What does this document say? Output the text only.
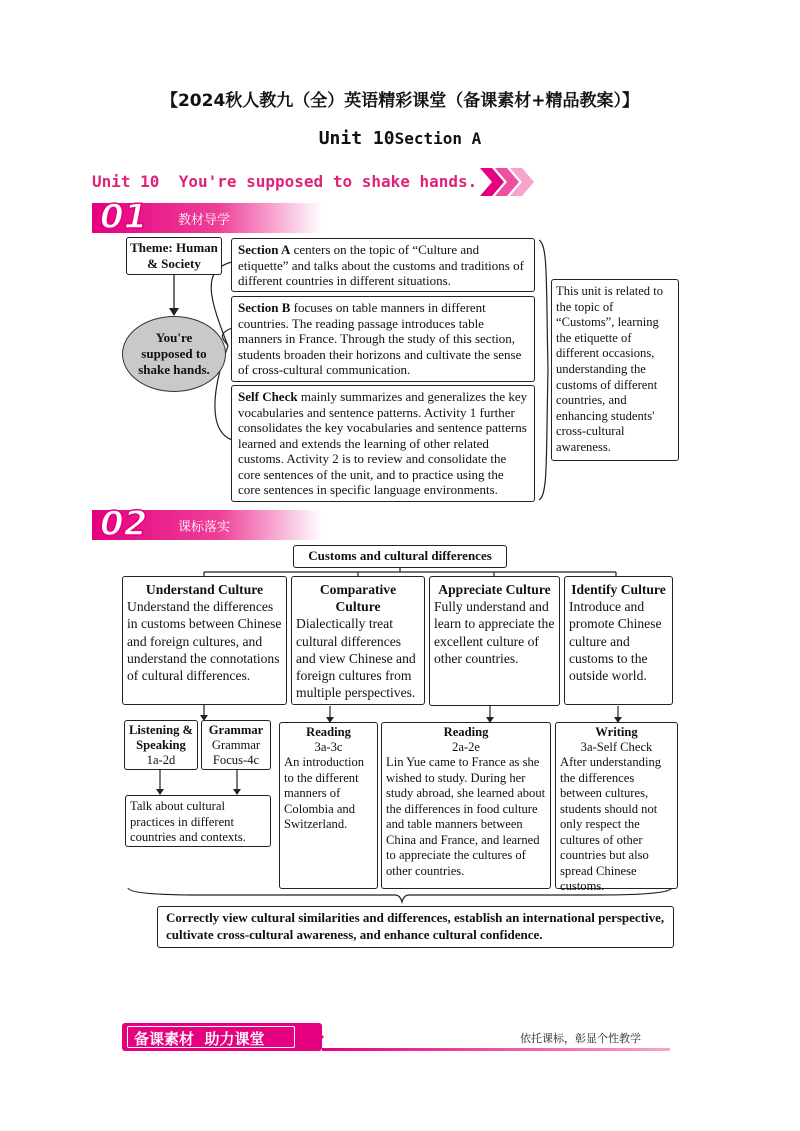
【2024秋人教九（全）英语精彩课堂（备课素材+精品教案）】
Unit 10Section A
Unit 10  You're supposed to shake hands.
01 教材导学
Theme: Human & Society
You're supposed to shake hands.
Section A centers on the topic of “Culture and etiquette” and talks about the customs and traditions of different countries in different situations.
Section B focuses on table manners in different countries. The reading passage introduces table manners in France. Through the study of this section, students broaden their horizons and cultivate the sense of cross-cultural communication.
Self Check mainly summarizes and generalizes the key vocabularies and sentence patterns. Activity 1 further consolidates the key vocabularies and sentence patterns learned and extends the learning of other related customs. Activity 2 is to review and consolidate the core sentences of the unit, and to practice using the core sentences in specific language environments.
This unit is related to the topic of “Customs”, learning the etiquette of different occasions, understanding the customs of different countries, and enhancing students' cross-cultural awareness.
02 课标落实
Customs and cultural differences
Understand Culture
Understand the differences in customs between Chinese and foreign cultures, and understand the connotations of cultural differences.
Comparative Culture
Dialectically treat cultural differences and view Chinese and foreign cultures from multiple perspectives.
Appreciate Culture
Fully understand and learn to appreciate the excellent culture of other countries.
Identify Culture
Introduce and promote Chinese culture and customs to the outside world.
Listening & Speaking
1a-2d
Grammar
Grammar Focus-4c
Talk about cultural practices in different countries and contexts.
Reading
3a-3c
An introduction to the different manners of Colombia and Switzerland.
Reading
2a-2e
Lin Yue came to France as she wished to study. During her study abroad, she learned about the differences in food culture and table manners between China and France, and learned to appreciate the cultures of other countries.
Writing
3a-Self Check
After understanding the differences between cultures, students should not only respect the cultures of other countries but also spread Chinese customs.
Correctly view cultural similarities and differences, establish an international perspective, cultivate cross-cultural awareness, and enhance cultural confidence.
备课素材  助力课堂	依托课标，彰显个性教学
